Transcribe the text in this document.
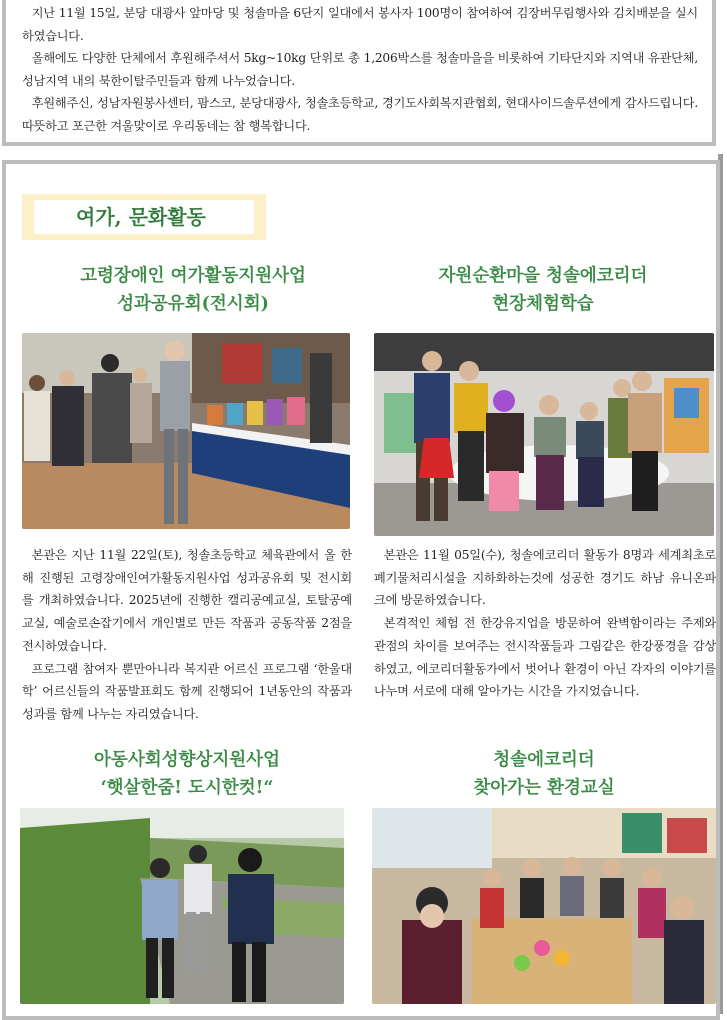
지난 11월 15일, 분당 대광사 앞마당 및 청솔마을 6단지 일대에서 봉사자 100명이 참여하여 김장버무림행사와 김치배분을 실시하였습니다.

올해에도 다양한 단체에서 후원해주셔서 5kg~10kg 단위로 총 1,206박스를 청솔마을을 비롯하여 기타단지와 지역내 유관단체, 성남지역 내의 북한이탈주민들과 함께 나누었습니다.

후원해주신, 성남자원봉사센터, 팜스코, 분당대광사, 청솔초등학교, 경기도사회복지관협회, 현대사이드솔루션에게 감사드립니다. 따뜻하고 포근한 겨울맞이로 우리동네는 참 행복합니다.

여가, 문화활동
고령장애인 여가활동지원사업
성과공유회(전시회)
자원순환마을 청솔에코리더
현장체험학습

본관은 지난 11월 22일(토), 청솔초등학교 체육관에서 올 한해 진행된 고령장애인여가활동지원사업 성과공유회 및 전시회를 개최하였습니다. 2025년에 진행한 캘리공예교실, 토탈공예교실, 예술로손잡기에서 개인별로 만든 작품과 공동작품 2점을 전시하였습니다.

프로그램 참여자 뿐만아니라 복지관 어르신 프로그램 ‘한울대학’ 어르신들의 작품발표회도 함께 진행되어 1년동안의 작품과 성과를 함께 나누는 자리였습니다.

본관은 11월 05일(수), 청솔에코리더 활동가 8명과 세계최초로 폐기물처리시설을 지하화하는것에 성공한 경기도 하남 유니온파크에 방문하였습니다.

본격적인 체험 전 한강유지업을 방문하여 완벽함이라는 주제와 관점의 차이를 보여주는 전시작품들과 그림같은 한강풍경을 감상하였고, 에코리더활동가에서 벗어나 환경이 아닌 각자의 이야기를 나누며 서로에 대해 알아가는 시간을 가지었습니다.

아동사회성향상지원사업
‘햇살한줌! 도시한컷!“
청솔에코리더
찾아가는 환경교실
